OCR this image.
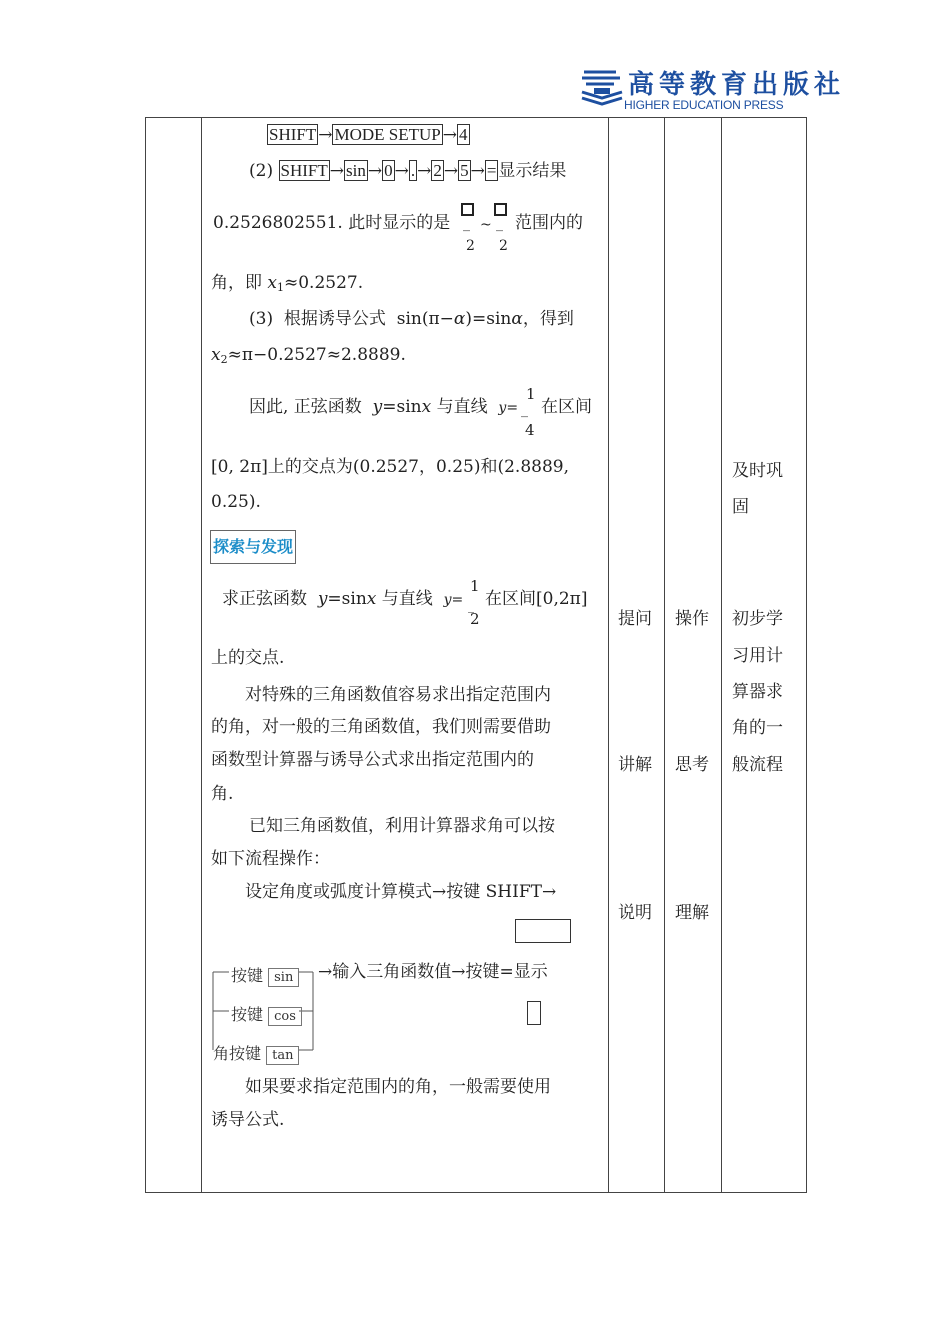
高等教育出版社
HIGHER EDUCATION PRESS
SHIFT → MODE SETUP → 4
(2) SHIFT → sin → 0 → . → 2 → 5 → = 显示结果
0.2526802551. 此时显示的是 _
2
~ _
2
范围内的
角，即 $x_1\approx 0.2527$.
(3) 根据诱导公式 sin(π−α)=sinα，得到
$x_2\approx\pi-0.2527\approx 2.8889$.
因此, 正弦函数 y=sinx 与直线 y=
1
_
4
在区间
[0, 2π]上的交点为(0.2527，0.25)和(2.8889,
0.25).
探索与发现
求正弦函数 y=sinx 与直线 y=
1
_
2
在区间[0,2π]
上的交点.
对特殊的三角函数值容易求出指定范围内
的角，对一般的三角函数值，我们则需要借助
函数型计算器与诱导公式求出指定范围内的
角.
已知三角函数值，利用计算器求角可以按
如下流程操作：
设定角度或弧度计算模式→按键 SHIFT→
按键 sin
按键 cos
角按键 tan
→输入三角函数值→按键=显示
如果要求指定范围内的角，一般需要使用
诱导公式.
提问
讲解
说明
操作
思考
理解
及时巩
固
初步学
习用计
算器求
角的一
般流程
